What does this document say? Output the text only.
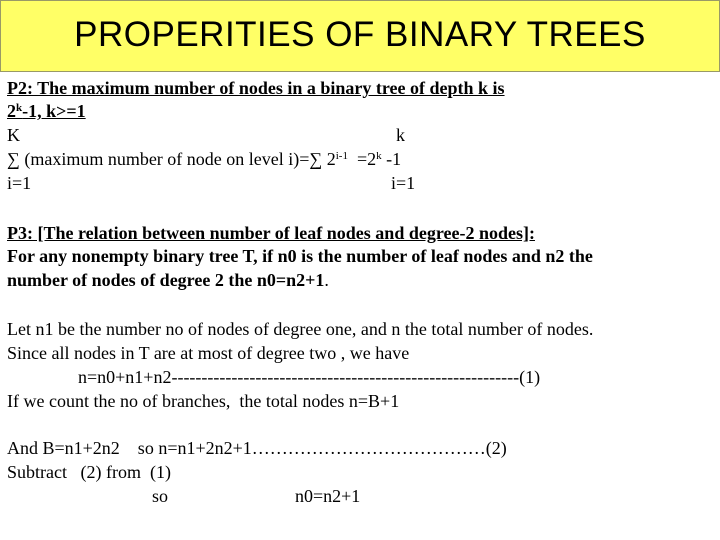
PROPERITIES OF BINARY TREES
P2: The maximum number of nodes in a binary tree of depth k is
2$^k$-1, k>=1
K	k
∑ (maximum number of node on level i)=∑ $2^{i-1} =2^k$ -1
i=1	i=1
P3: [The relation between number of leaf nodes and degree-2 nodes]:
For any nonempty binary tree T, if n0 is the number of leaf nodes and n2 the
number of nodes of degree 2 the n0=n2+1.
Let n1 be the number no of nodes of degree one, and n the total number of nodes.
Since all nodes in T are at most of degree two , we have
n=n0+n1+n2----------------------------------------------------------(1)
If we count the no of branches,  the total nodes n=B+1
And B=n1+2n2    so n=n1+2n2+1…………………………………(2)
Subtract   (2) from  (1)
so	n0=n2+1
